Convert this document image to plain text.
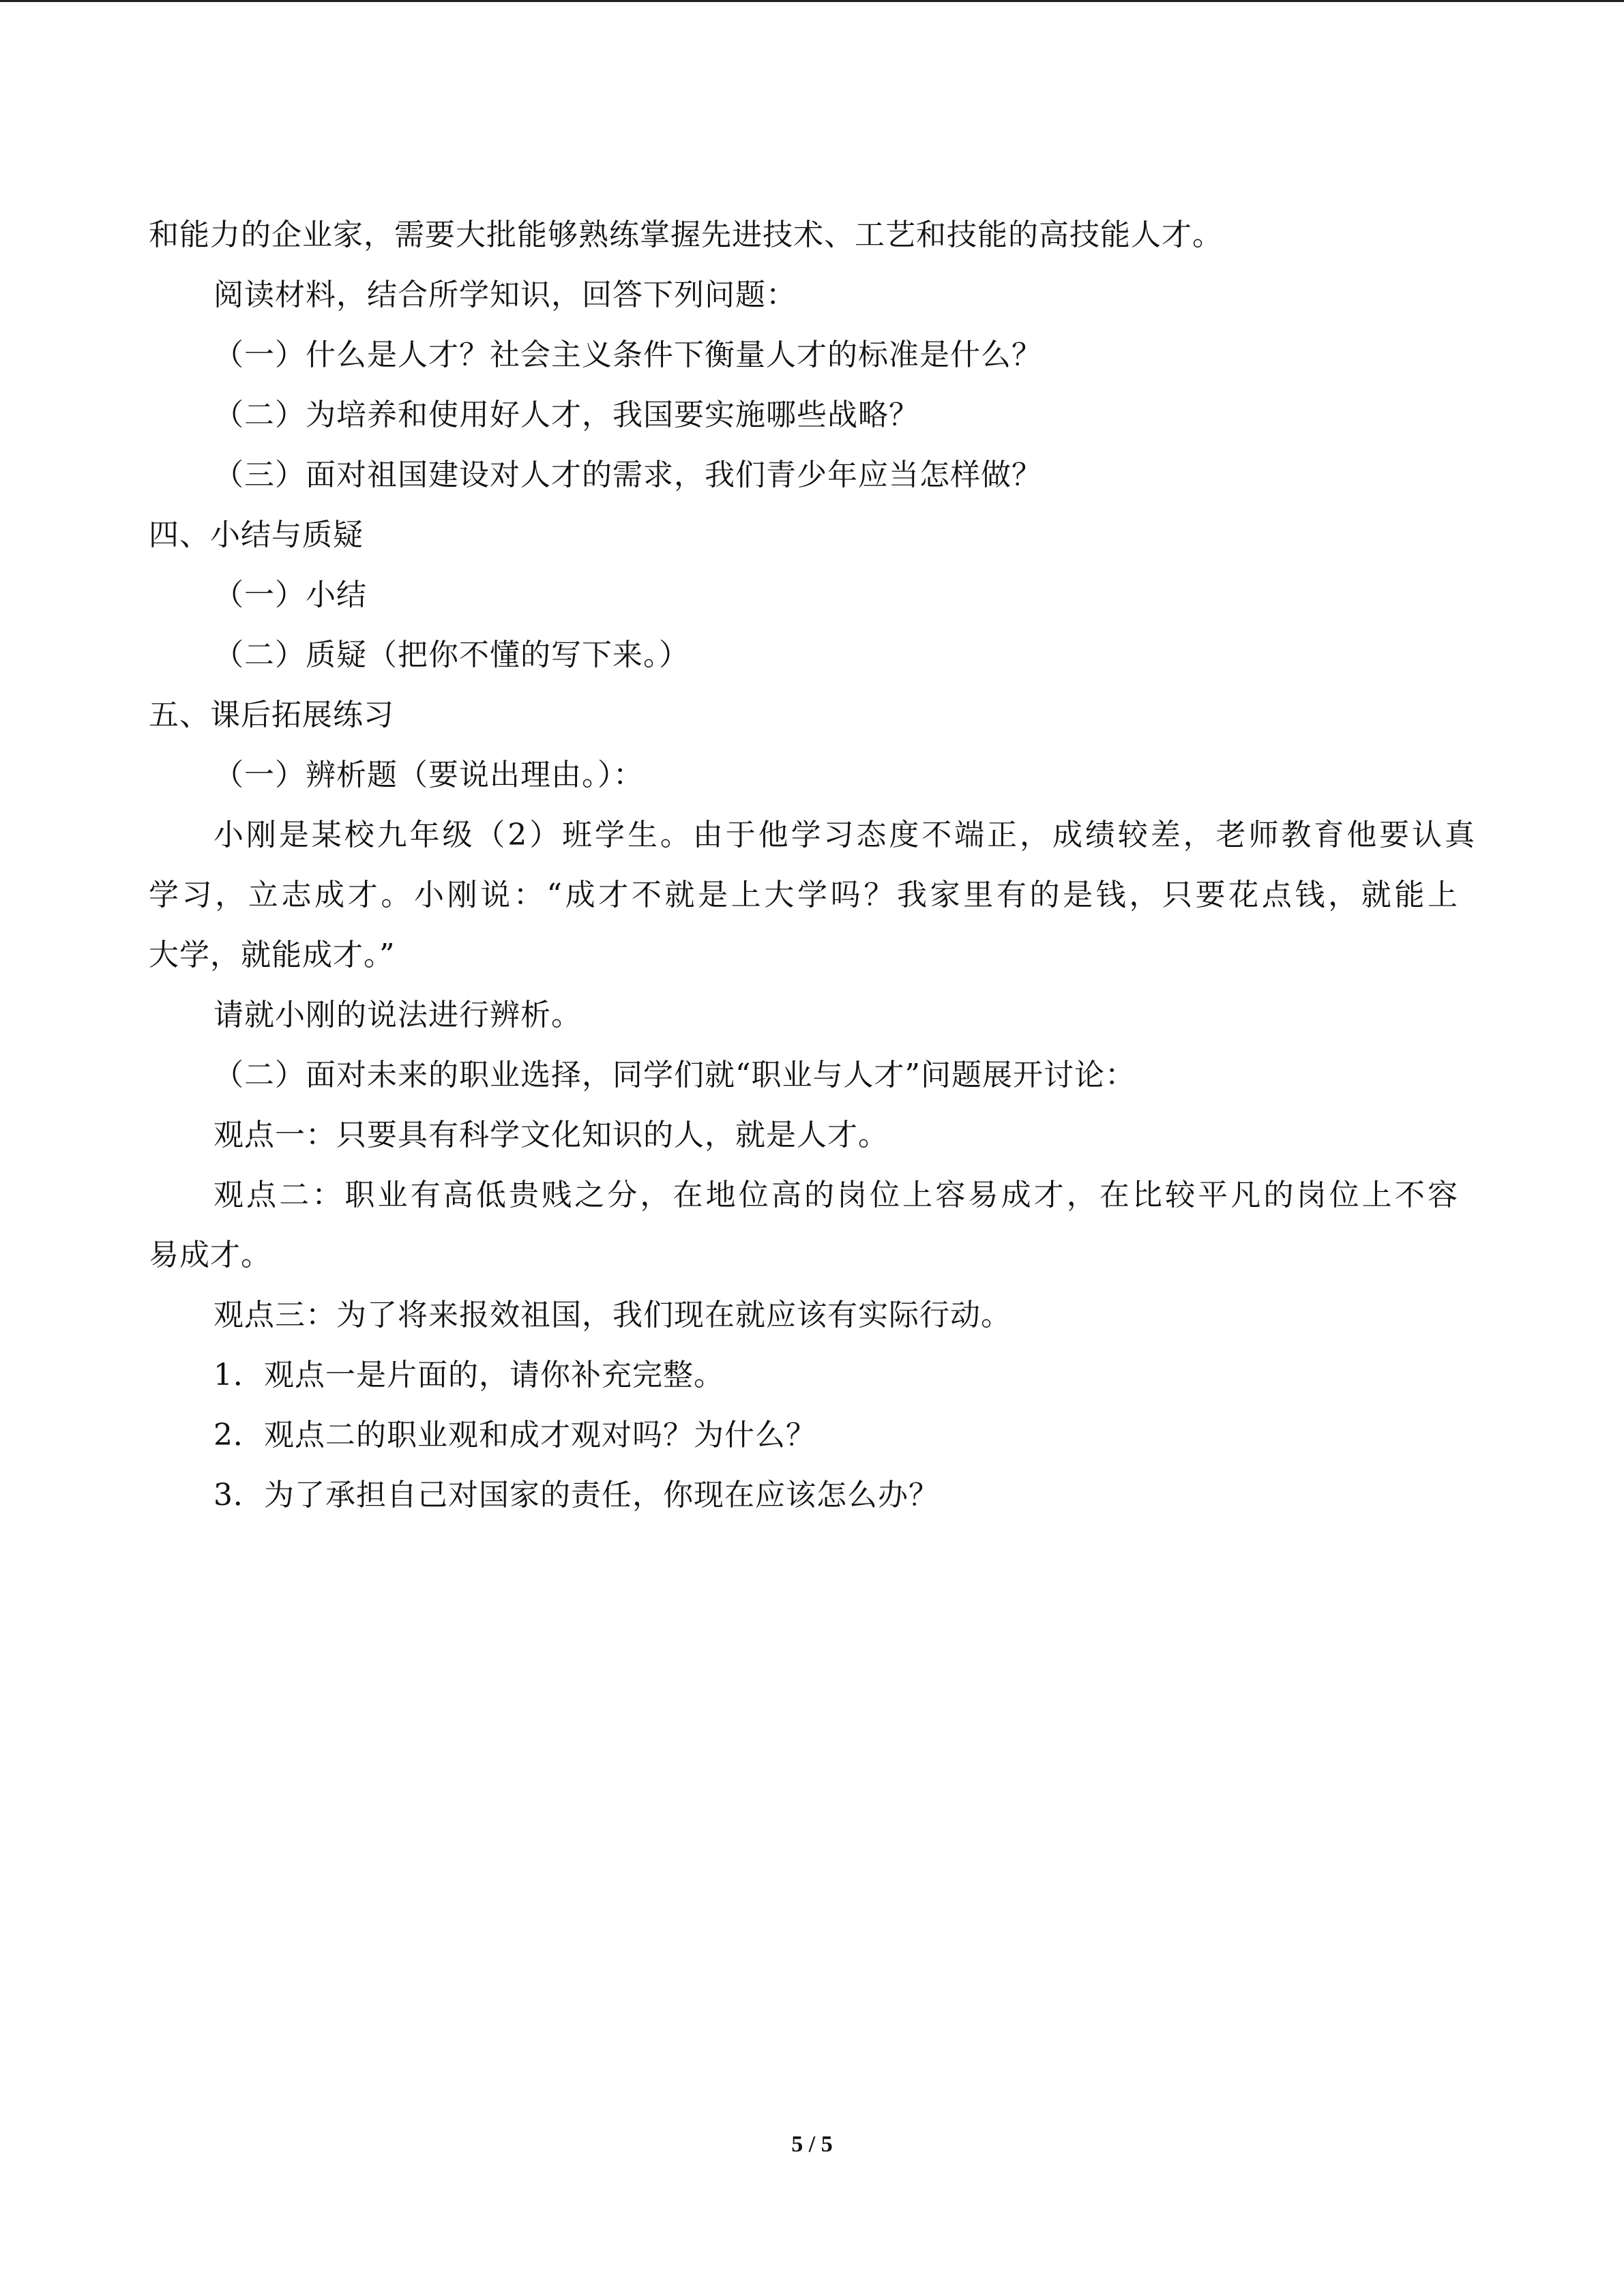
和能力的企业家，需要大批能够熟练掌握先进技术、工艺和技能的高技能人才。
阅读材料，结合所学知识，回答下列问题：
（一）什么是人才？社会主义条件下衡量人才的标准是什么？
（二）为培养和使用好人才，我国要实施哪些战略？
（三）面对祖国建设对人才的需求，我们青少年应当怎样做？
四、小结与质疑
（一）小结
（二）质疑（把你不懂的写下来。）
五、课后拓展练习
（一）辨析题（要说出理由。）：
小刚是某校九年级（2）班学生。由于他学习态度不端正，成绩较差，老师教育他要认真
学习，立志成才。小刚说：“成才不就是上大学吗？我家里有的是钱，只要花点钱，就能上
大学，就能成才。”
请就小刚的说法进行辨析。
（二）面对未来的职业选择，同学们就“职业与人才”问题展开讨论：
观点一：只要具有科学文化知识的人，就是人才。
观点二：职业有高低贵贱之分，在地位高的岗位上容易成才，在比较平凡的岗位上不容
易成才。
观点三：为了将来报效祖国，我们现在就应该有实际行动。
1．观点一是片面的，请你补充完整。
2．观点二的职业观和成才观对吗？为什么？
3．为了承担自己对国家的责任，你现在应该怎么办？
5 / 5
